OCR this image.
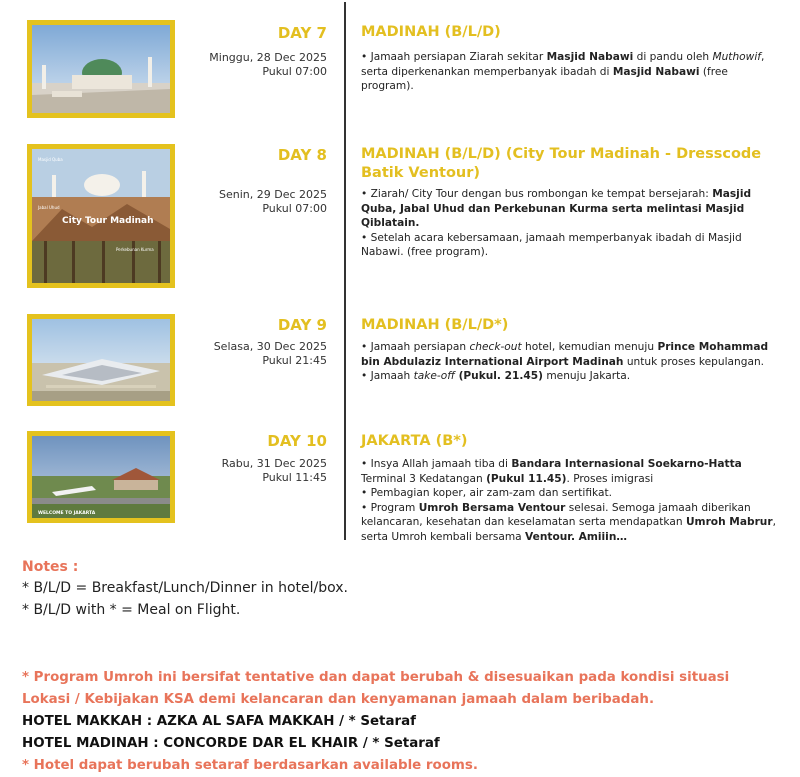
DAY 7
Minggu, 28 Dec 2025
Pukul 07:00
MADINAH (B/L/D)

• Jamaah persiapan Ziarah sekitar Masjid Nabawi di pandu oleh Muthowif, serta diperkenankan memperbanyak ibadah di Masjid Nabawi (free program).

City Tour Madinah
Masjid Quba
Jabal Uhud
Perkebunan Kurma
DAY 8
Senin, 29 Dec 2025
Pukul 07:00
MADINAH (B/L/D) (City Tour Madinah - Dresscode Batik Ventour)

• Ziarah/ City Tour dengan bus rombongan ke tempat bersejarah: Masjid Quba, Jabal Uhud dan Perkebunan Kurma serta melintasi Masjid Qiblatain.

• Setelah acara kebersamaan, jamaah memperbanyak ibadah di Masjid Nabawi. (free program).

DAY 9
Selasa, 30 Dec 2025
Pukul 21:45
MADINAH (B/L/D*)

• Jamaah persiapan check-out hotel, kemudian menuju Prince Mohammad bin Abdulaziz International Airport Madinah untuk proses kepulangan.

• Jamaah take-off (Pukul. 21.45) menuju Jakarta.

WELCOME TO JAKARTA
DAY 10
Rabu, 31 Dec 2025
Pukul 11:45
JAKARTA (B*)

• Insya Allah jamaah tiba di Bandara Internasional Soekarno-Hatta Terminal 3 Kedatangan (Pukul 11.45). Proses imigrasi

• Pembagian koper, air zam-zam dan sertifikat.

• Program Umroh Bersama Ventour selesai. Semoga jamaah diberikan kelancaran, kesehatan dan keselamatan serta mendapatkan Umroh Mabrur, serta Umroh kembali bersama Ventour. Amiiin…

Notes :
* B/L/D = Breakfast/Lunch/Dinner in hotel/box.
* B/L/D with * = Meal on Flight.
* Program Umroh ini bersifat tentative dan dapat berubah & disesuaikan pada kondisi situasi Lokasi / Kebijakan KSA demi kelancaran dan kenyamanan jamaah dalam beribadah.
HOTEL MAKKAH : AZKA AL SAFA MAKKAH / * Setaraf
HOTEL MADINAH : CONCORDE DAR EL KHAIR / * Setaraf
* Hotel dapat berubah setaraf berdasarkan available rooms.
